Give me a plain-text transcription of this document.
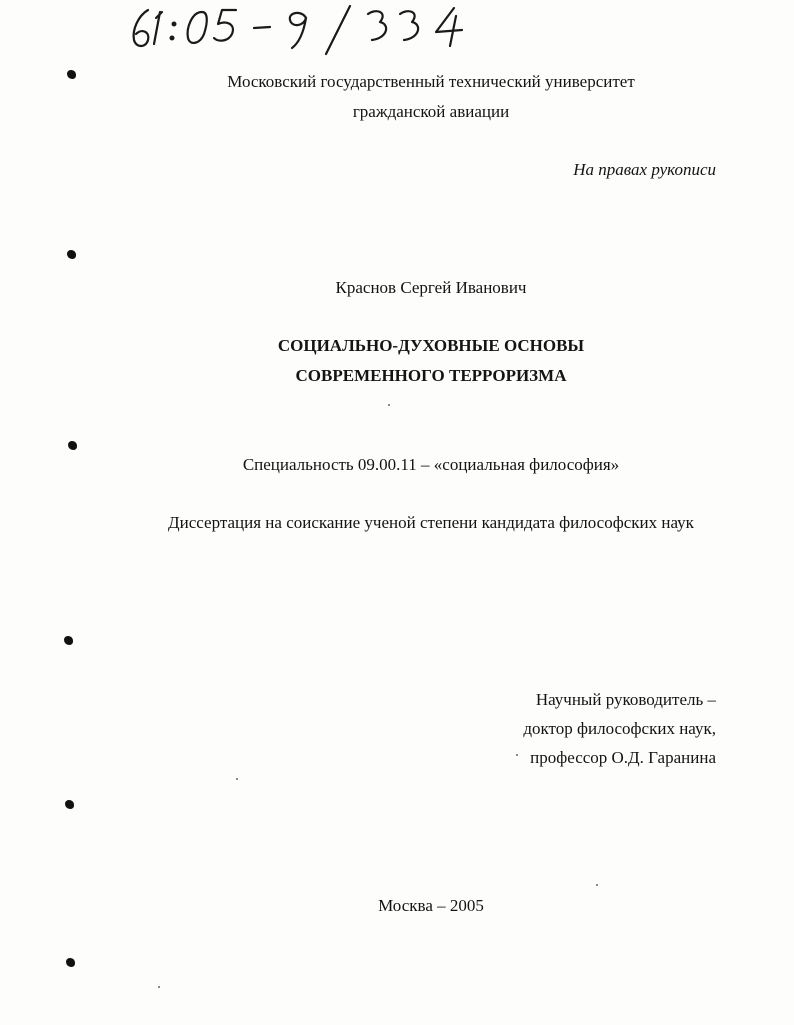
Московский государственный технический университет
гражданской авиации
На правах рукописи
Краснов Сергей Иванович
СОЦИАЛЬНО-ДУХОВНЫЕ ОСНОВЫ
СОВРЕМЕННОГО ТЕРРОРИЗМА
Специальность 09.00.11 – «социальная философия»
Диссертация на соискание ученой степени кандидата философских наук
Научный руководитель –
доктор философских наук,
профессор О.Д. Гаранина
Москва – 2005
